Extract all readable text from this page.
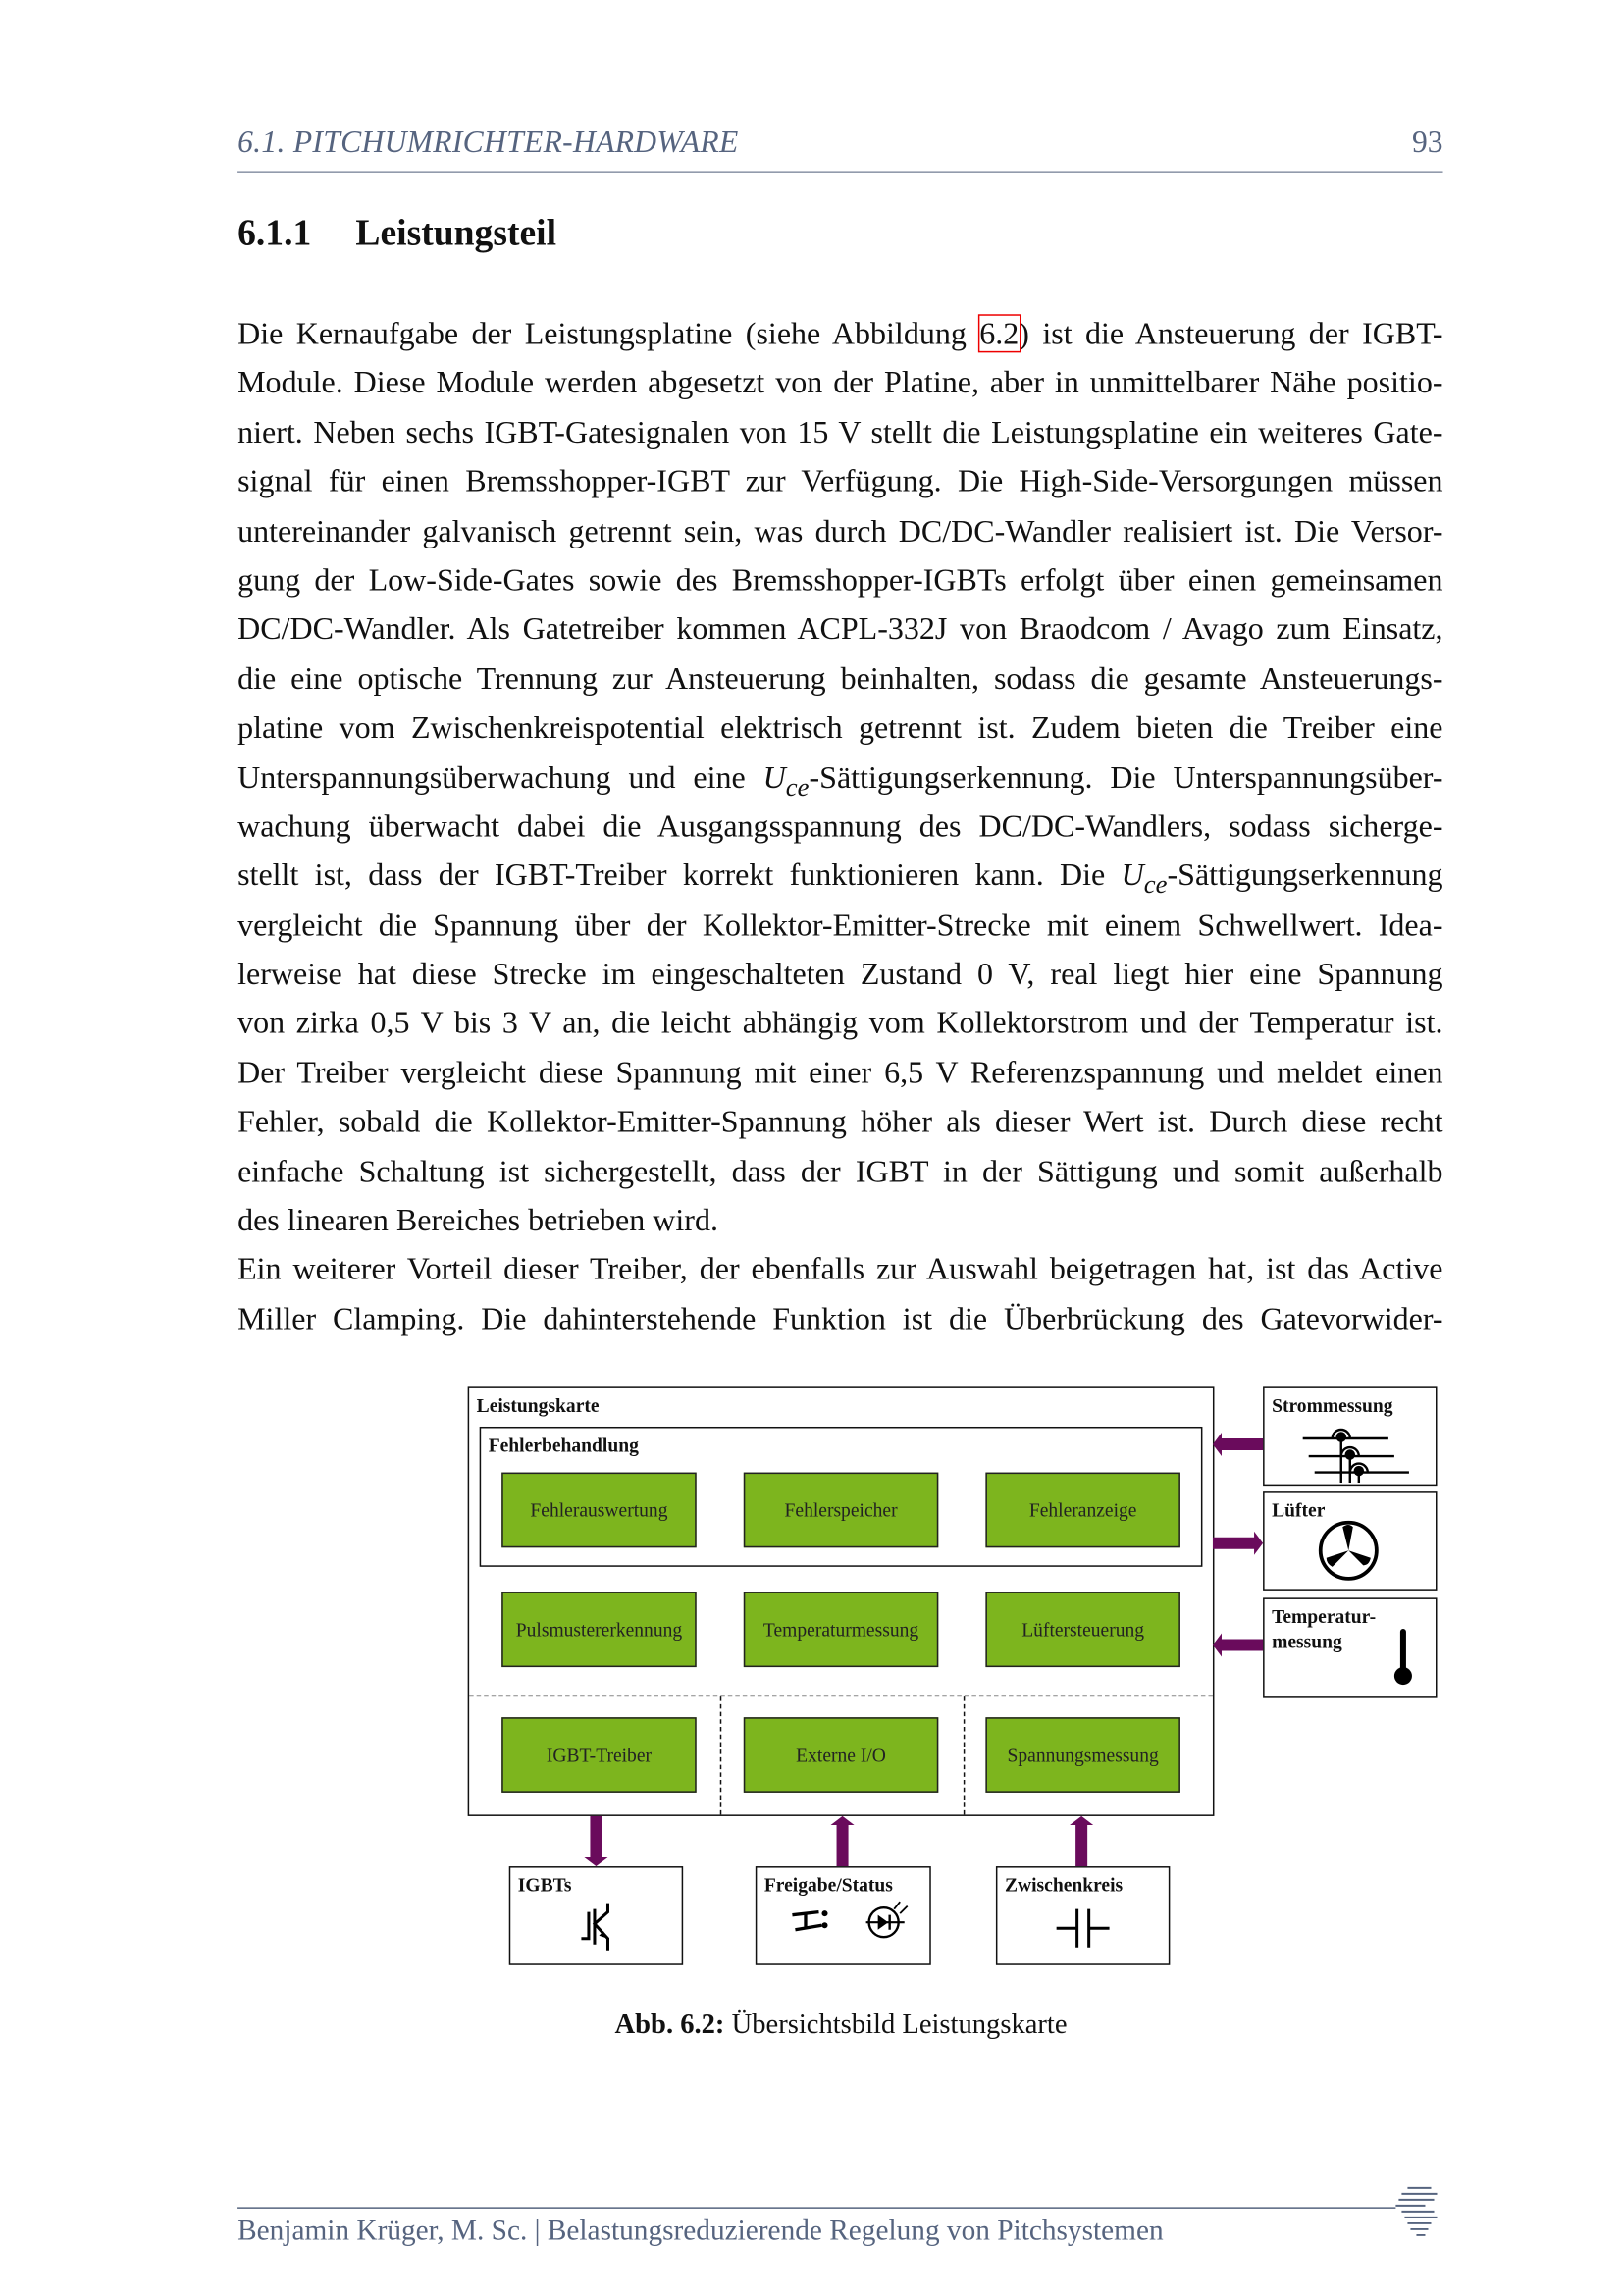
6.1. PITCHUMRICHTER-HARDWARE	93
6.1.1 Leistungsteil
Die Kernaufgabe der Leistungsplatine (siehe Abbildung 6.2) ist die Ansteuerung der IGBT-
Module. Diese Module werden abgesetzt von der Platine, aber in unmittelbarer Nähe positio-
niert. Neben sechs IGBT-Gatesignalen von 15 V stellt die Leistungsplatine ein weiteres Gate-
signal für einen Bremsshopper-IGBT zur Verfügung. Die High-Side-Versorgungen müssen
untereinander galvanisch getrennt sein, was durch DC/DC-Wandler realisiert ist. Die Versor-
gung der Low-Side-Gates sowie des Bremsshopper-IGBTs erfolgt über einen gemeinsamen
DC/DC-Wandler. Als Gatetreiber kommen ACPL-332J von Braodcom / Avago zum Einsatz,
die eine optische Trennung zur Ansteuerung beinhalten, sodass die gesamte Ansteuerungs-
platine vom Zwischenkreispotential elektrisch getrennt ist. Zudem bieten die Treiber eine
Unterspannungsüberwachung und eine $U_{ce}$-Sättigungserkennung. Die Unterspannungsüber-
wachung überwacht dabei die Ausgangsspannung des DC/DC-Wandlers, sodass sicherge-
stellt ist, dass der IGBT-Treiber korrekt funktionieren kann. Die $U_{ce}$-Sättigungserkennung
vergleicht die Spannung über der Kollektor-Emitter-Strecke mit einem Schwellwert. Idea-
lerweise hat diese Strecke im eingeschalteten Zustand 0 V, real liegt hier eine Spannung
von zirka 0,5 V bis 3 V an, die leicht abhängig vom Kollektorstrom und der Temperatur ist.
Der Treiber vergleicht diese Spannung mit einer 6,5 V Referenzspannung und meldet einen
Fehler, sobald die Kollektor-Emitter-Spannung höher als dieser Wert ist. Durch diese recht
einfache Schaltung ist sichergestellt, dass der IGBT in der Sättigung und somit außerhalb
des linearen Bereiches betrieben wird.
Ein weiterer Vorteil dieser Treiber, der ebenfalls zur Auswahl beigetragen hat, ist das Active
Miller Clamping. Die dahinterstehende Funktion ist die Überbrückung des Gatevorwider-
Leistungskarte
Fehlerbehandlung
Fehlerauswertung	Fehlerspeicher	Fehleranzeige
Pulsmustererkennung	Temperaturmessung	Lüftersteuerung
IGBT-Treiber	Externe I/O	Spannungsmessung
Strommessung
Lüfter
Temperatur-
messung
IGBTs	Freigabe/Status	Zwischenkreis
Abb. 6.2: Übersichtsbild Leistungskarte
Benjamin Krüger, M. Sc. | Belastungsreduzierende Regelung von Pitchsystemen
